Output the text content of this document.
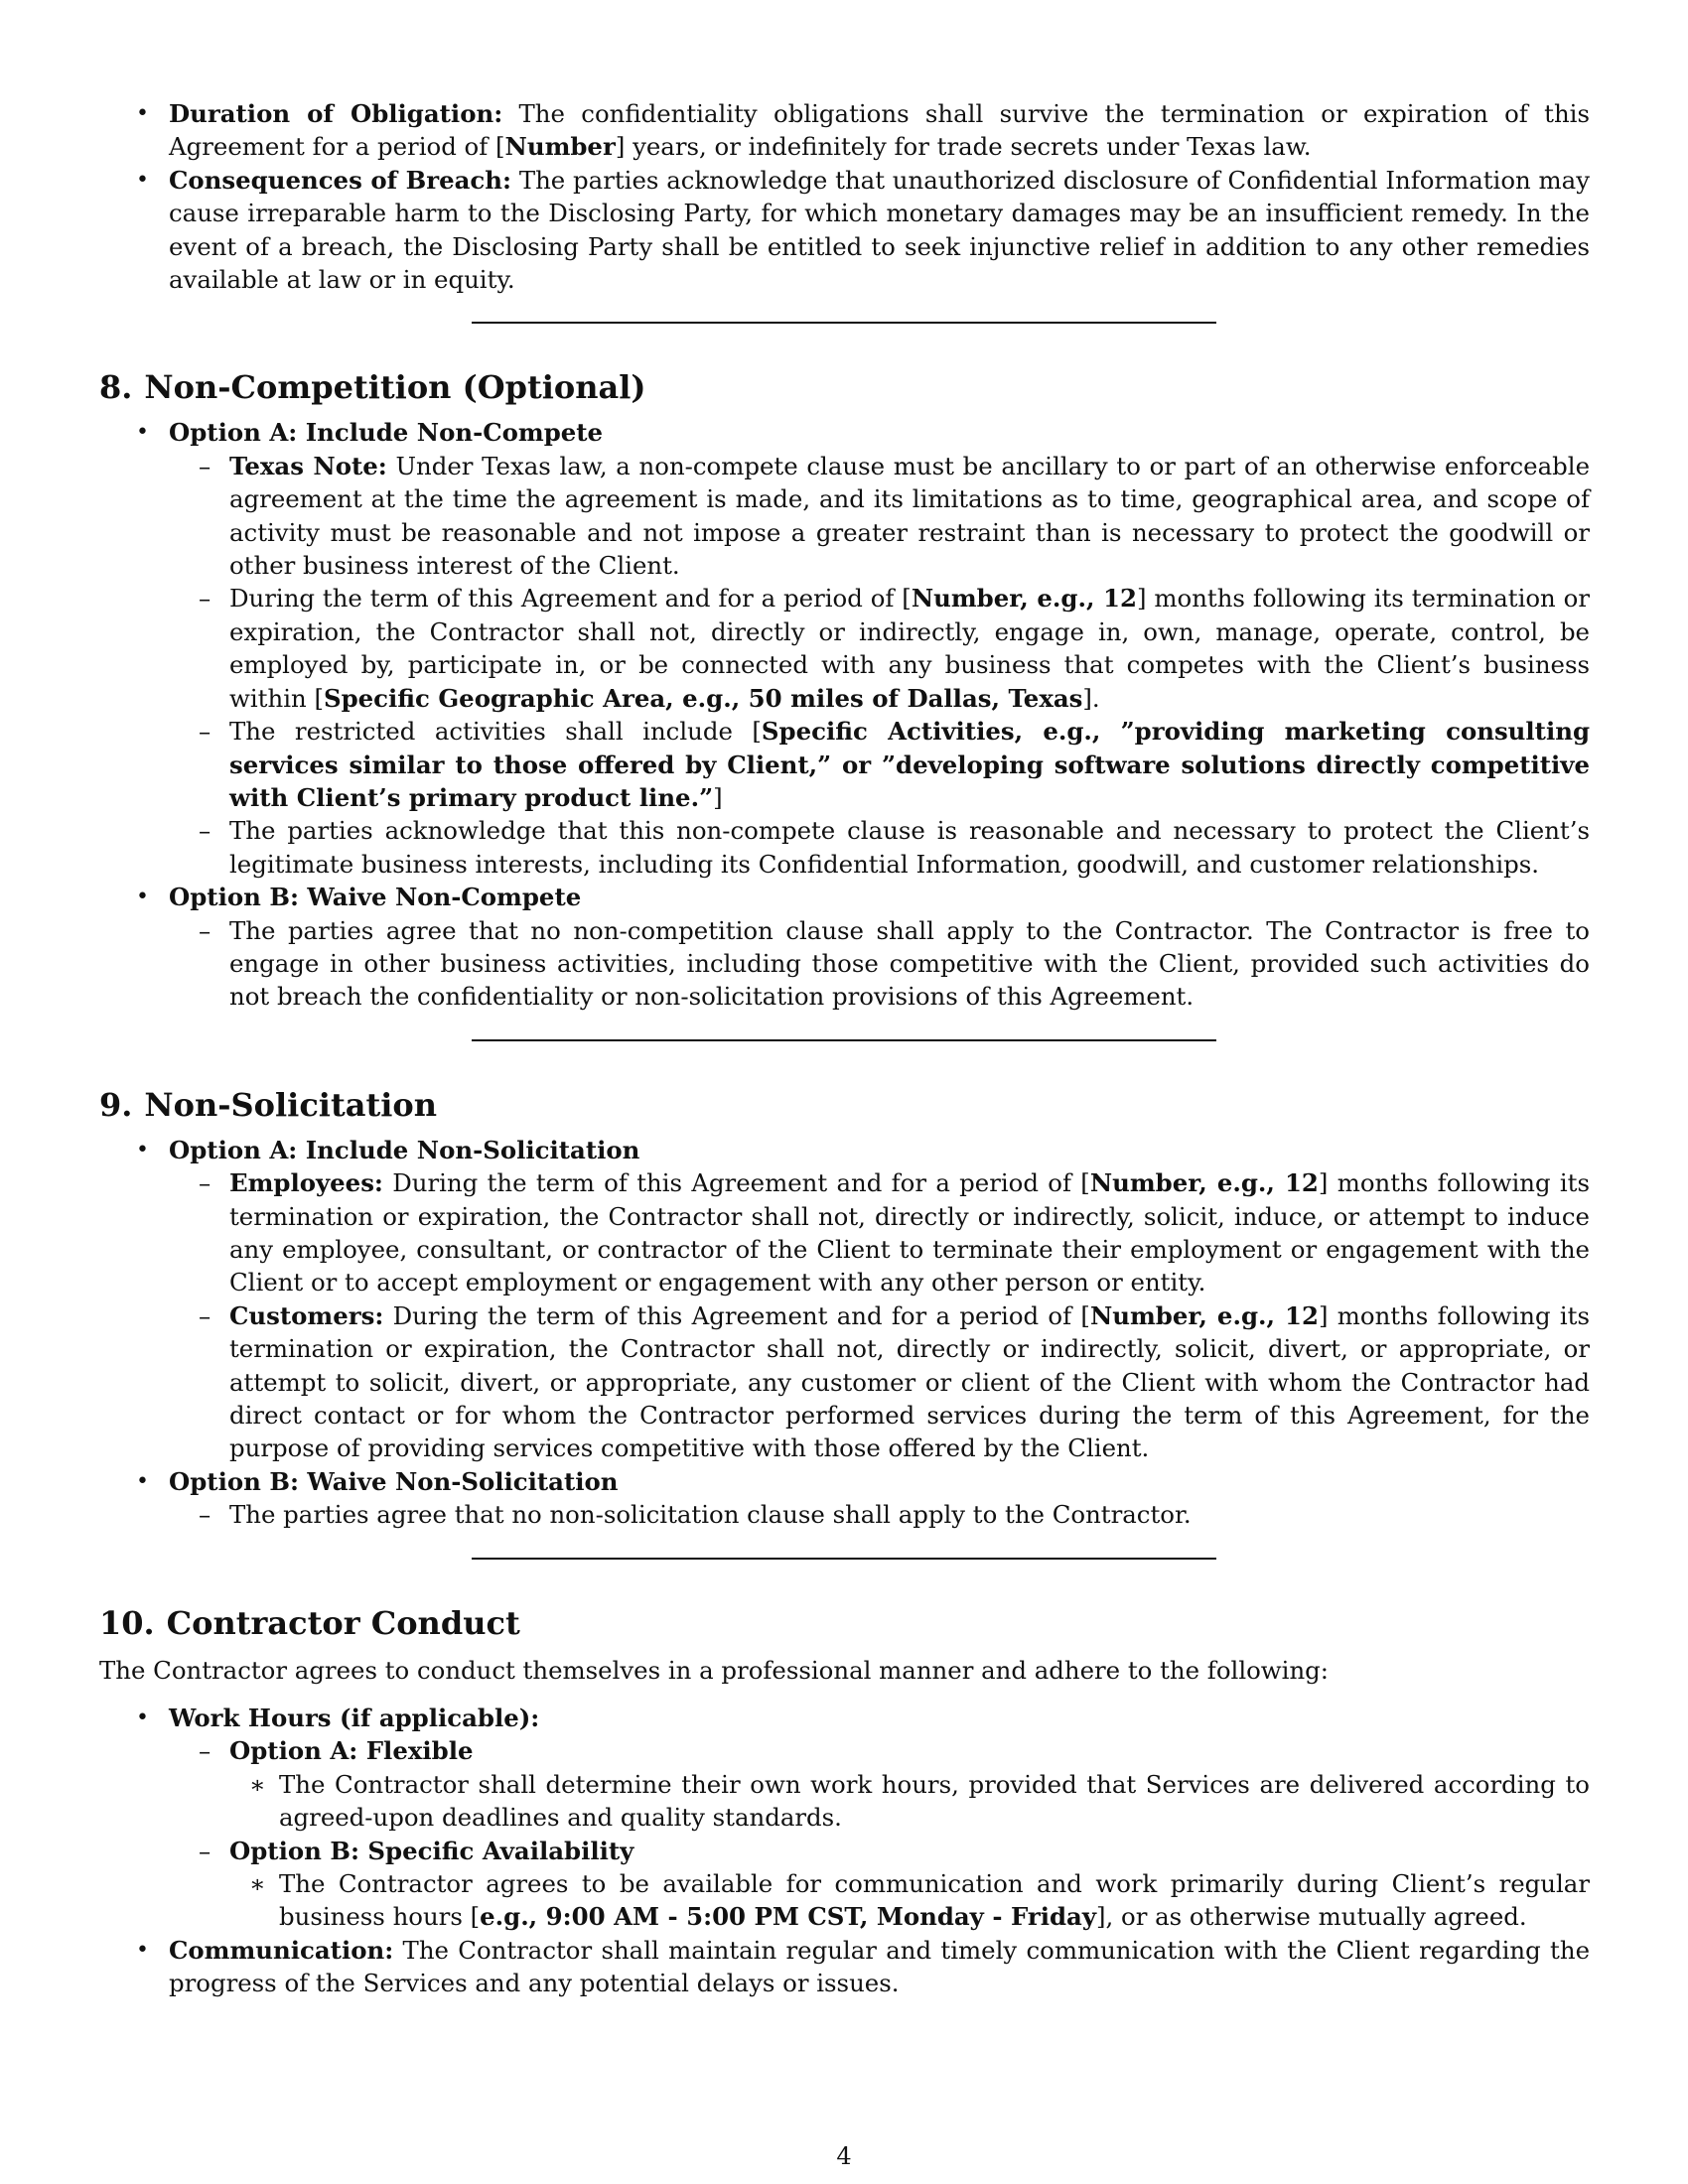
• Duration of Obligation: The confidentiality obligations shall survive the termination or expiration of this Agreement for a period of [Number] years, or indefinitely for trade secrets under Texas law.
• Consequences of Breach: The parties acknowledge that unauthorized disclosure of Confidential Information may cause irreparable harm to the Disclosing Party, for which monetary damages may be an insufficient remedy. In the event of a breach, the Disclosing Party shall be entitled to seek injunctive relief in addition to any other remedies available at law or in equity.
8. Non-Competition (Optional)
• Option A: Include Non-Compete
– Texas Note: Under Texas law, a non-compete clause must be ancillary to or part of an otherwise enforceable agreement at the time the agreement is made, and its limitations as to time, geographical area, and scope of activity must be reasonable and not impose a greater restraint than is necessary to protect the goodwill or other business interest of the Client.
– During the term of this Agreement and for a period of [Number, e.g., 12] months following its termination or expiration, the Contractor shall not, directly or indirectly, engage in, own, manage, operate, control, be employed by, participate in, or be connected with any business that competes with the Client’s business within [Specific Geographic Area, e.g., 50 miles of Dallas, Texas].
– The restricted activities shall include [Specific Activities, e.g., ”providing marketing consulting services similar to those offered by Client,” or ”developing software solutions directly competitive with Client’s primary product line.”]
– The parties acknowledge that this non-compete clause is reasonable and necessary to protect the Client’s legitimate business interests, including its Confidential Information, goodwill, and customer relationships.
• Option B: Waive Non-Compete
– The parties agree that no non-competition clause shall apply to the Contractor. The Contractor is free to engage in other business activities, including those competitive with the Client, provided such activities do not breach the confidentiality or non-solicitation provisions of this Agreement.
9. Non-Solicitation
• Option A: Include Non-Solicitation
– Employees: During the term of this Agreement and for a period of [Number, e.g., 12] months following its termination or expiration, the Contractor shall not, directly or indirectly, solicit, induce, or attempt to induce any employee, consultant, or contractor of the Client to terminate their employment or engagement with the Client or to accept employment or engagement with any other person or entity.
– Customers: During the term of this Agreement and for a period of [Number, e.g., 12] months following its termination or expiration, the Contractor shall not, directly or indirectly, solicit, divert, or appropriate, or attempt to solicit, divert, or appropriate, any customer or client of the Client with whom the Contractor had direct contact or for whom the Contractor performed services during the term of this Agreement, for the purpose of providing services competitive with those offered by the Client.
• Option B: Waive Non-Solicitation
– The parties agree that no non-solicitation clause shall apply to the Contractor.
10. Contractor Conduct

The Contractor agrees to conduct themselves in a professional manner and adhere to the following:

• Work Hours (if applicable):
– Option A: Flexible
∗ The Contractor shall determine their own work hours, provided that Services are delivered according to agreed-upon deadlines and quality standards.
– Option B: Specific Availability
∗ The Contractor agrees to be available for communication and work primarily during Client’s regular business hours [e.g., 9:00 AM - 5:00 PM CST, Monday - Friday], or as otherwise mutually agreed.
• Communication: The Contractor shall maintain regular and timely communication with the Client regarding the progress of the Services and any potential delays or issues.
4
